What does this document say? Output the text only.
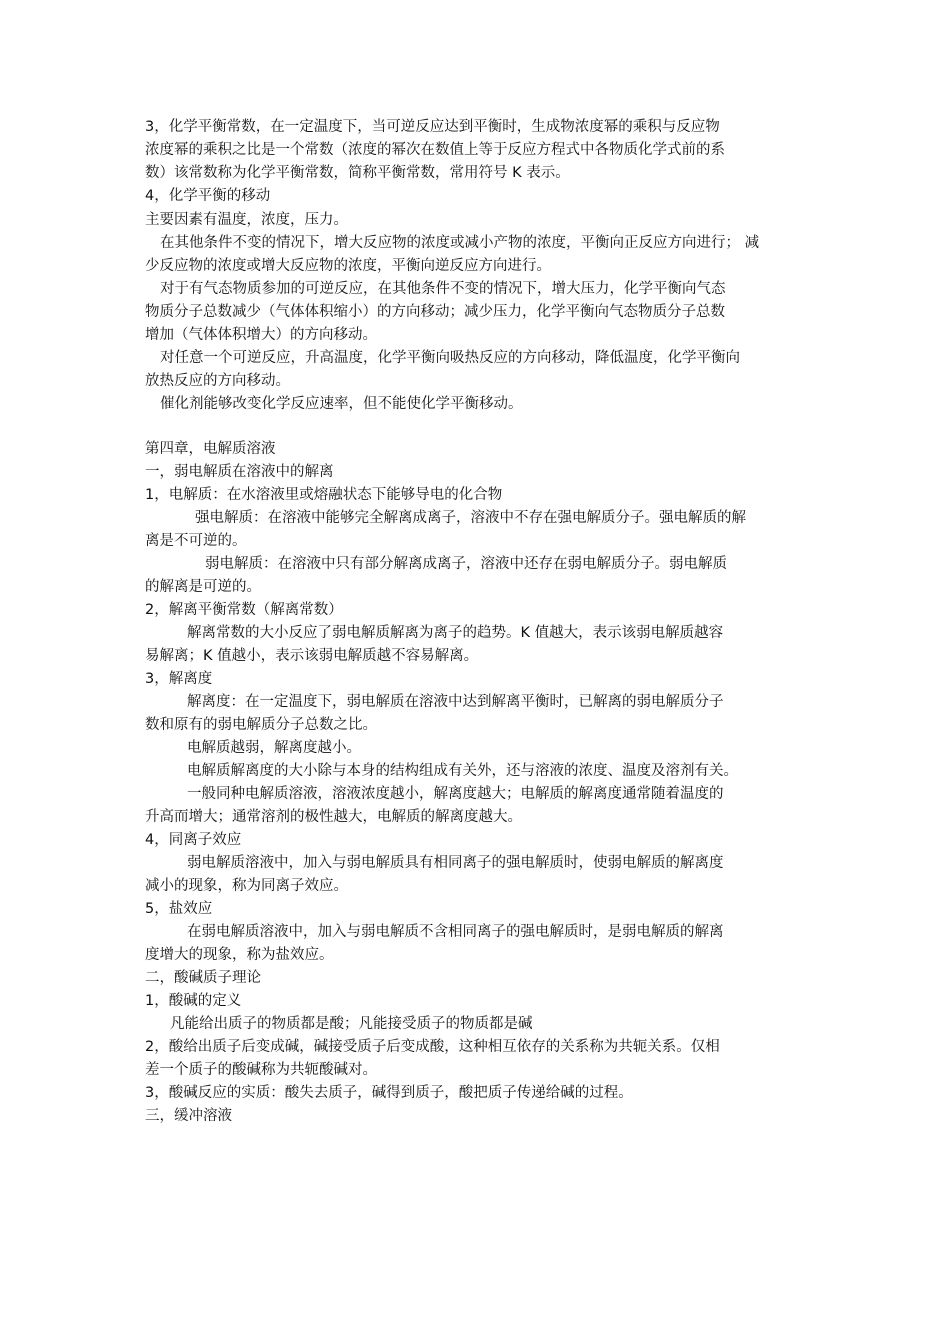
3，化学平衡常数，在一定温度下，当可逆反应达到平衡时，生成物浓度幂的乘积与反应物

浓度幂的乘积之比是一个常数（浓度的幂次在数值上等于反应方程式中各物质化学式前的系

数）该常数称为化学平衡常数，简称平衡常数，常用符号 K 表示。

4，化学平衡的移动

主要因素有温度，浓度，压力。

在其他条件不变的情况下，增大反应物的浓度或减小产物的浓度，平衡向正反应方向进行； 减

少反应物的浓度或增大反应物的浓度，平衡向逆反应方向进行。

对于有气态物质参加的可逆反应，在其他条件不变的情况下，增大压力，化学平衡向气态

物质分子总数减少（气体体积缩小）的方向移动；减少压力，化学平衡向气态物质分子总数

增加（气体体积增大）的方向移动。

对任意一个可逆反应，升高温度，化学平衡向吸热反应的方向移动，降低温度，化学平衡向

放热反应的方向移动。

催化剂能够改变化学反应速率，但不能使化学平衡移动。

第四章，电解质溶液

一，弱电解质在溶液中的解离

1，电解质：在水溶液里或熔融状态下能够导电的化合物

强电解质：在溶液中能够完全解离成离子，溶液中不存在强电解质分子。强电解质的解

离是不可逆的。

弱电解质：在溶液中只有部分解离成离子，溶液中还存在弱电解质分子。弱电解质

的解离是可逆的。

2，解离平衡常数（解离常数）

解离常数的大小反应了弱电解质解离为离子的趋势。K 值越大，表示该弱电解质越容

易解离；K 值越小，表示该弱电解质越不容易解离。

3，解离度

解离度：在一定温度下，弱电解质在溶液中达到解离平衡时，已解离的弱电解质分子

数和原有的弱电解质分子总数之比。

电解质越弱，解离度越小。

电解质解离度的大小除与本身的结构组成有关外，还与溶液的浓度、温度及溶剂有关。

一般同种电解质溶液，溶液浓度越小，解离度越大；电解质的解离度通常随着温度的

升高而增大；通常溶剂的极性越大，电解质的解离度越大。

4，同离子效应

弱电解质溶液中，加入与弱电解质具有相同离子的强电解质时，使弱电解质的解离度

减小的现象，称为同离子效应。

5，盐效应

在弱电解质溶液中，加入与弱电解质不含相同离子的强电解质时，是弱电解质的解离

度增大的现象，称为盐效应。

二，酸碱质子理论

1，酸碱的定义

凡能给出质子的物质都是酸；凡能接受质子的物质都是碱

2，酸给出质子后变成碱，碱接受质子后变成酸，这种相互依存的关系称为共轭关系。仅相

差一个质子的酸碱称为共轭酸碱对。

3，酸碱反应的实质：酸失去质子，碱得到质子，酸把质子传递给碱的过程。

三，缓冲溶液
